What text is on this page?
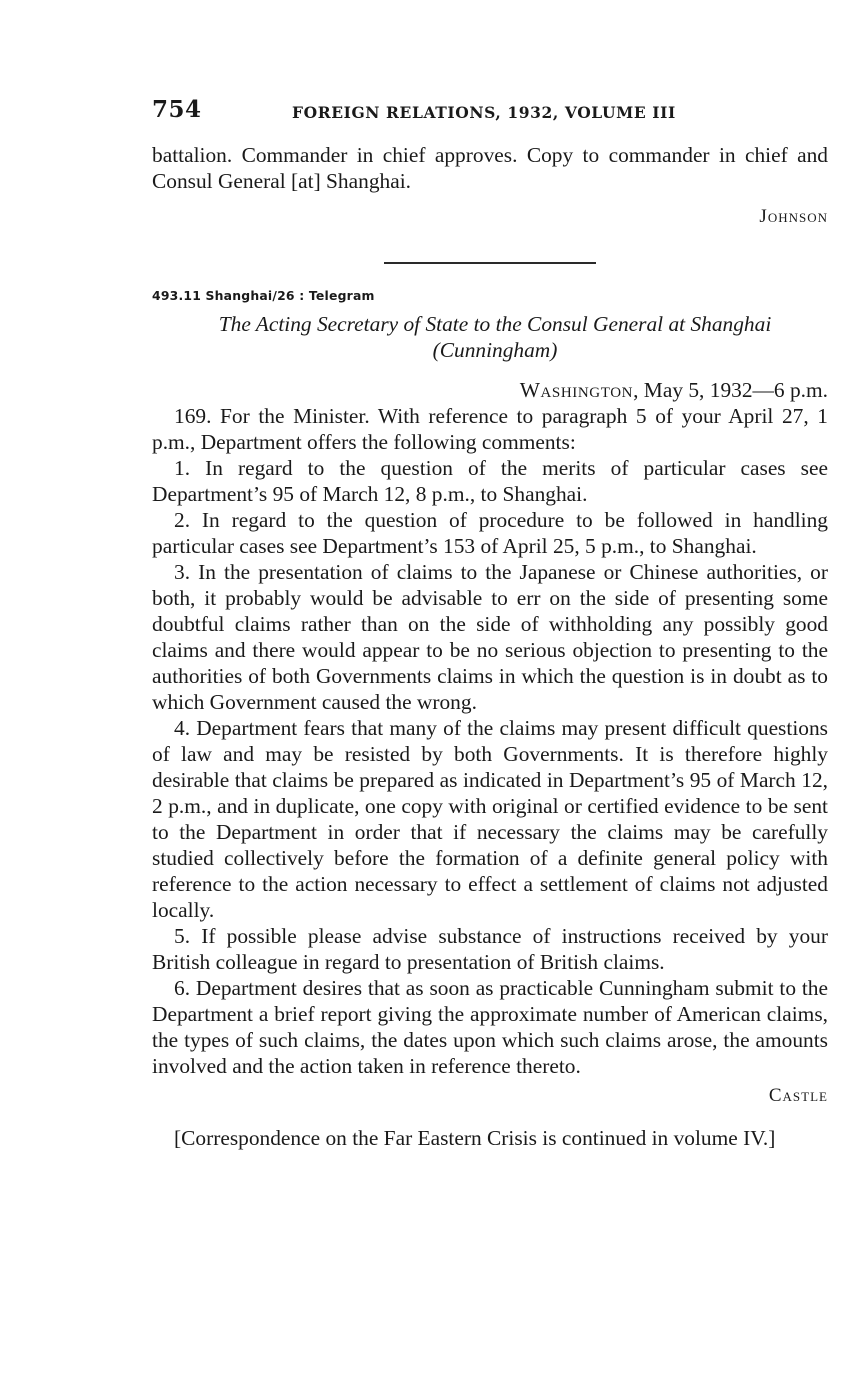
754	FOREIGN RELATIONS, 1932, VOLUME III

battalion. Commander in chief approves. Copy to commander in chief and Consul General [at] Shanghai.

Johnson

493.11 Shanghai/26 : Telegram

The Acting Secretary of State to the Consul General at Shanghai (Cunningham)

Washington, May 5, 1932—6 p.m.

169. For the Minister. With reference to paragraph 5 of your April 27, 1 p.m., Department offers the following comments:

1. In regard to the question of the merits of particular cases see Department’s 95 of March 12, 8 p.m., to Shanghai.

2. In regard to the question of procedure to be followed in handling particular cases see Department’s 153 of April 25, 5 p.m., to Shanghai.

3. In the presentation of claims to the Japanese or Chinese authorities, or both, it probably would be advisable to err on the side of presenting some doubtful claims rather than on the side of withholding any possibly good claims and there would appear to be no serious objection to presenting to the authorities of both Governments claims in which the question is in doubt as to which Government caused the wrong.

4. Department fears that many of the claims may present difficult questions of law and may be resisted by both Governments. It is therefore highly desirable that claims be prepared as indicated in Department’s 95 of March 12, 2 p.m., and in duplicate, one copy with original or certified evidence to be sent to the Department in order that if necessary the claims may be carefully studied collectively before the formation of a definite general policy with reference to the action necessary to effect a settlement of claims not adjusted locally.

5. If possible please advise substance of instructions received by your British colleague in regard to presentation of British claims.

6. Department desires that as soon as practicable Cunningham submit to the Department a brief report giving the approximate number of American claims, the types of such claims, the dates upon which such claims arose, the amounts involved and the action taken in reference thereto.

Castle

[Correspondence on the Far Eastern Crisis is continued in volume IV.]
